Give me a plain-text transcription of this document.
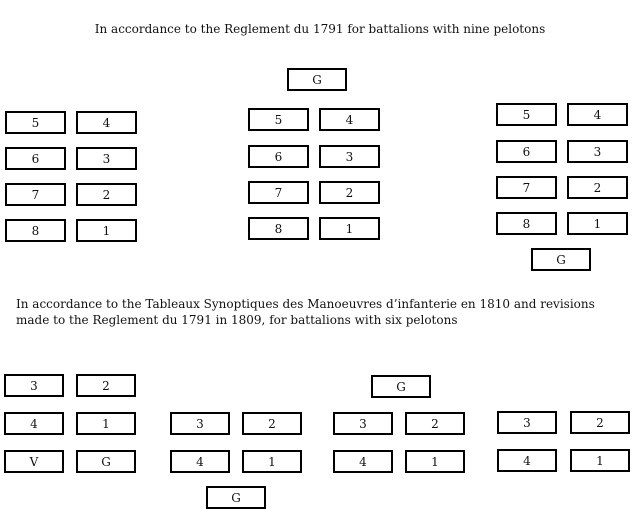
In accordance to the Reglement du 1791 for battalions with nine pelotons

In accordance to the Tableaux Synoptiques des Manoeuvres d’infanterie en 1810 and revisions made to the Reglement du 1791 in 1809, for battalions with six pelotons

5	4
6	3
7	2
8	1
G
5	4
6	3
7	2
8	1
5	4
6	3
7	2
8	1
G
3	2
4	1
V	G
3	2
4	1
G
G
3	2
4	1
3	2
4	1
